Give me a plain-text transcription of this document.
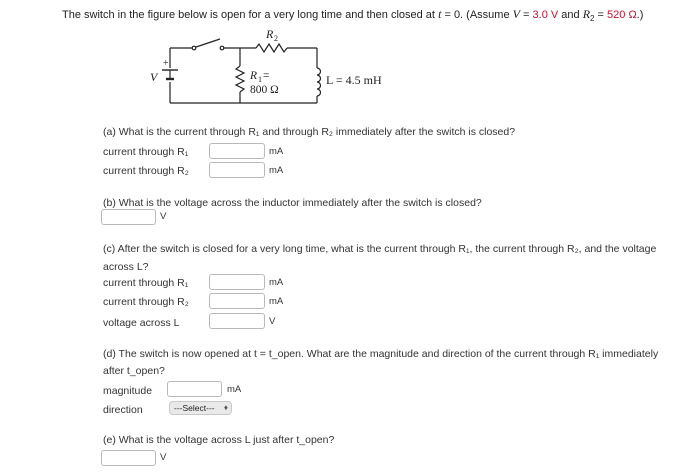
The switch in the figure below is open for a very long time and then closed at t = 0. (Assume V = 3.0 V and $R_2 = 520$ Ω.)
V
+
R 2
R 1 =
800 Ω
L = 4.5 mH
(a) What is the current through R₁ and through R₂ immediately after the switch is closed?
current through R₁	mA
current through R₂	mA
(b) What is the voltage across the inductor immediately after the switch is closed?
V
(c) After the switch is closed for a very long time, what is the current through R₁, the current through R₂, and the voltage
across L?
current through R₁	mA
current through R₂	mA
voltage across L	V
(d) The switch is now opened at t = t_open. What are the magnitude and direction of the current through R₁ immediately
after t_open?
magnitude	mA
direction	---Select--- ♦
(e) What is the voltage across L just after t_open?
V
